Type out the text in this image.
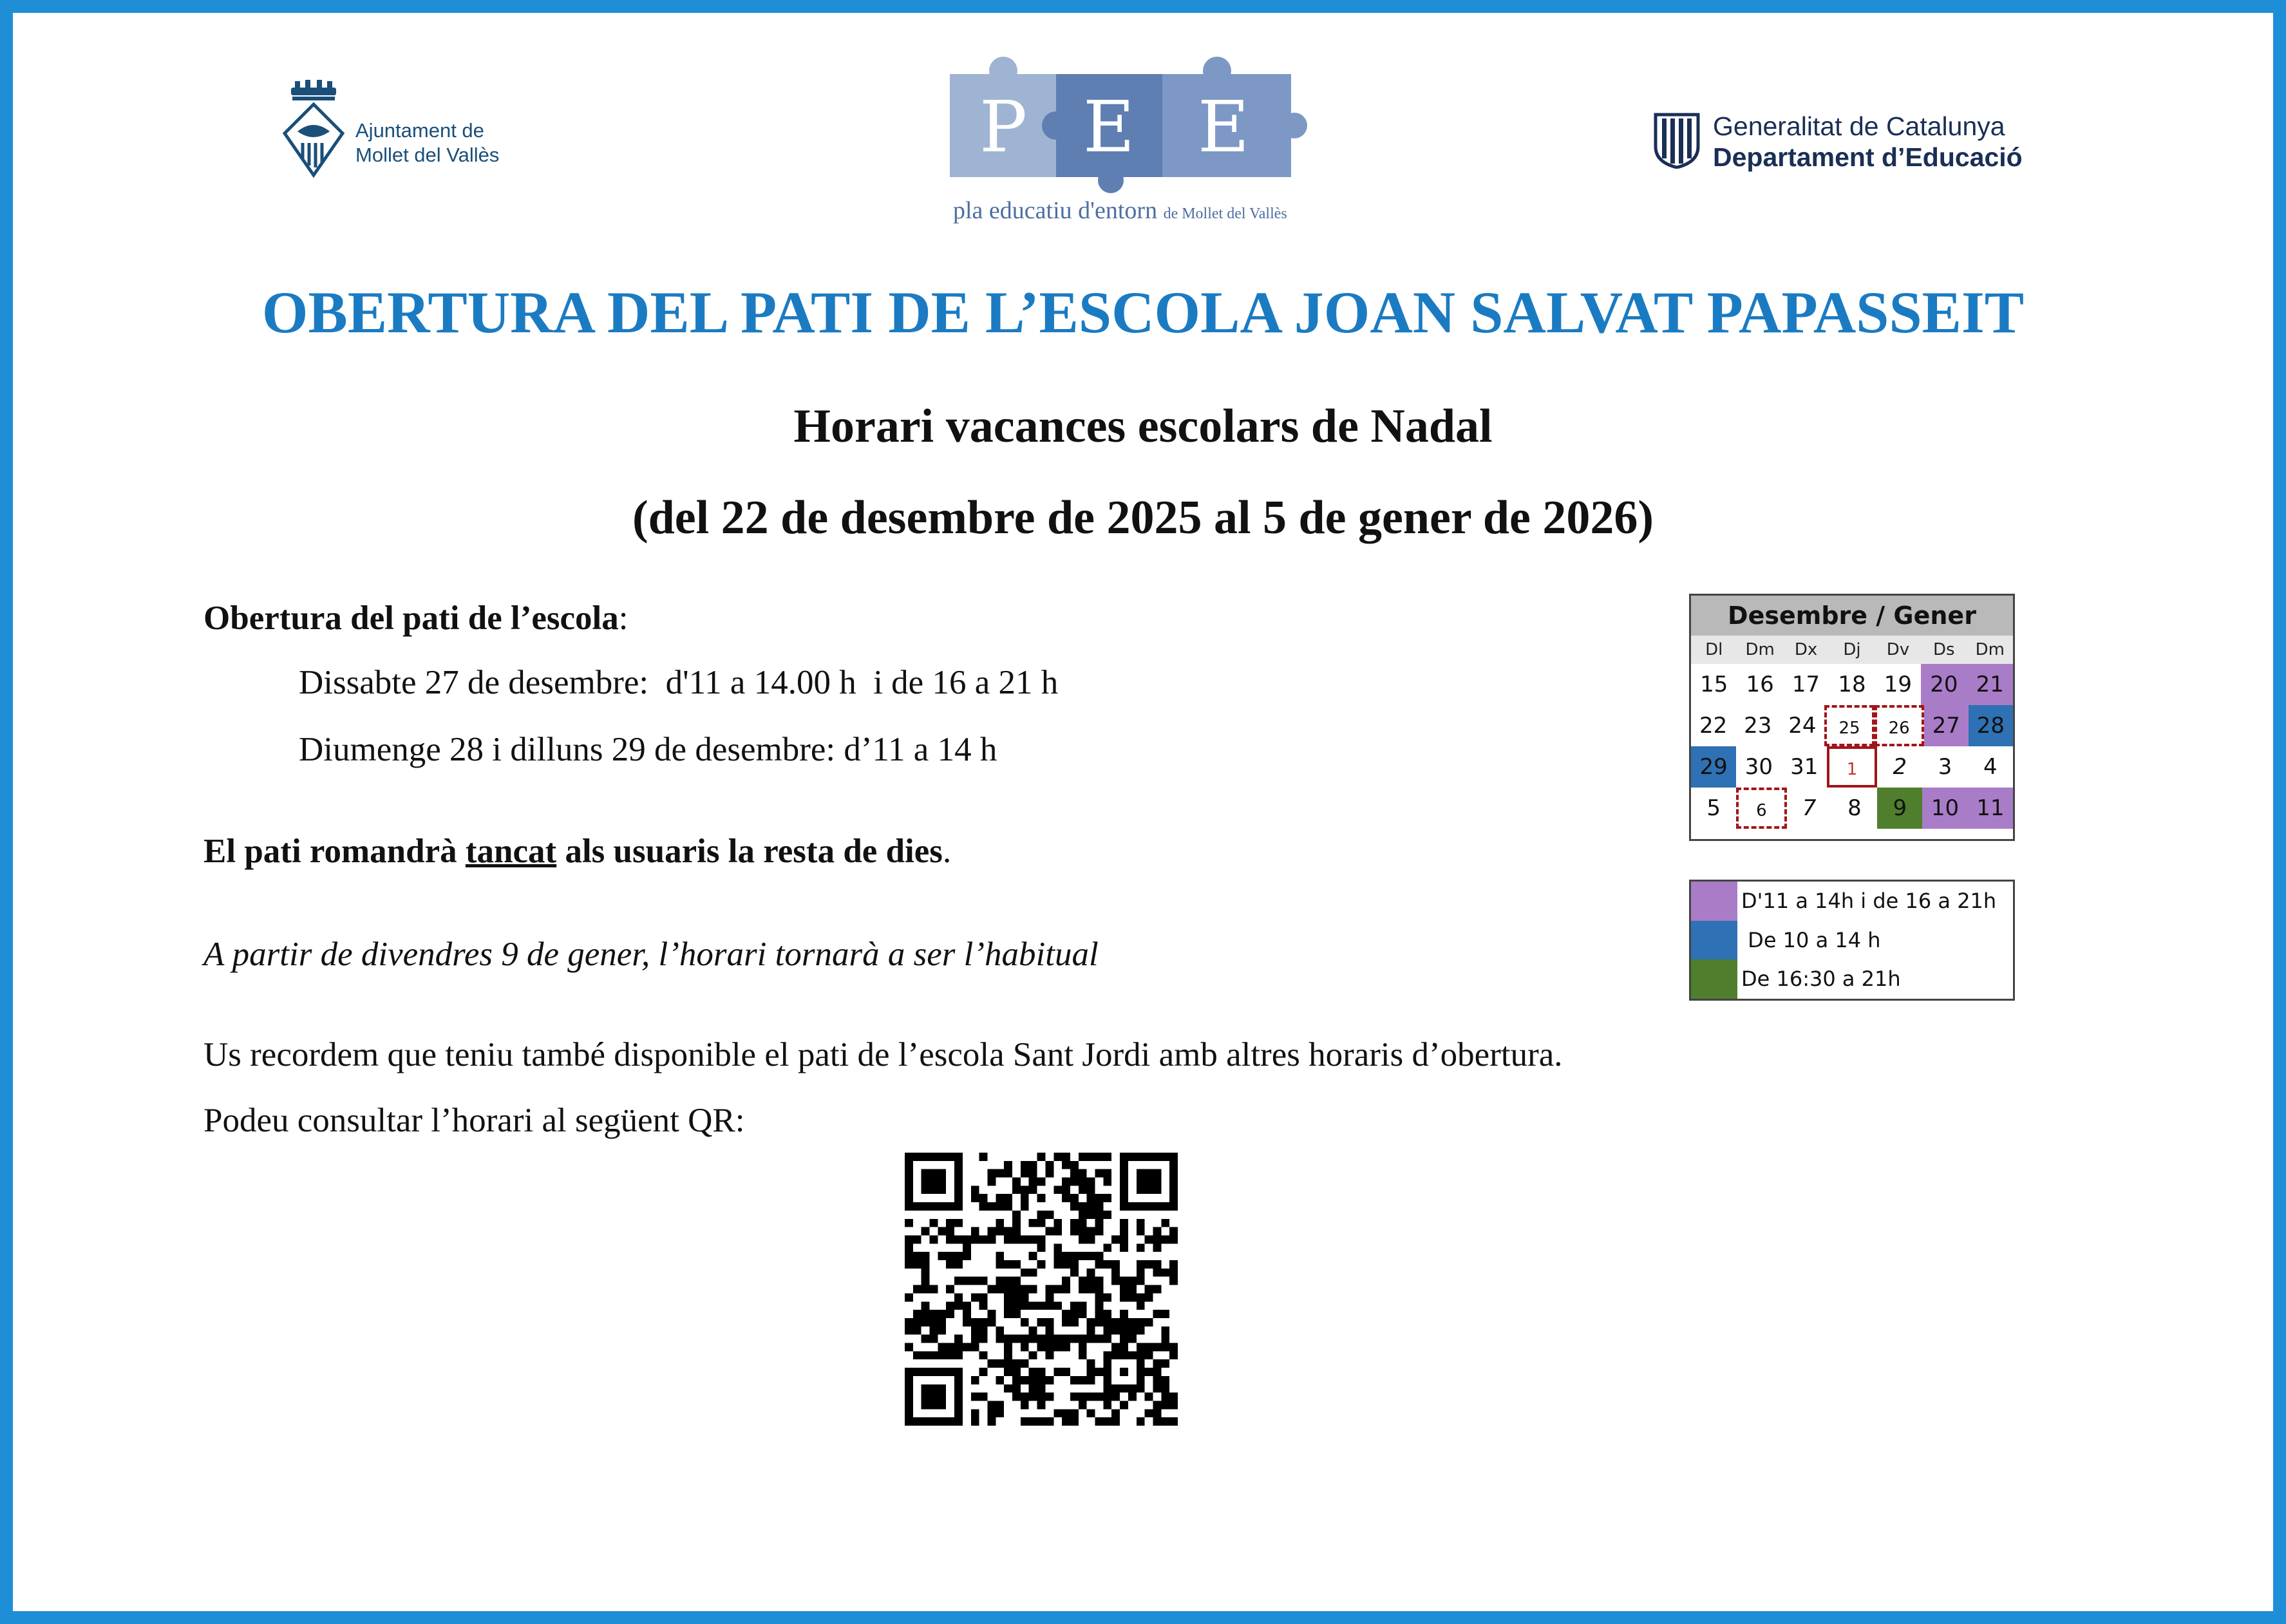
Ajuntament de
Mollet del Vallès	P E E
pla educatiu d'entorn de Mollet del Vallès
Generalitat de Catalunya
Departament d’Educació
OBERTURA DEL PATI DE L’ESCOLA JOAN SALVAT PAPASSEIT
Horari vacances escolars de Nadal
(del 22 de desembre de 2025 al 5 de gener de 2026)
Obertura del pati de l’escola:
Dissabte 27 de desembre:  d'11 a 14.00 h  i de 16 a 21 h
Diumenge 28 i dilluns 29 de desembre: d’11 a 14 h
El pati romandrà tancat als usuaris la resta de dies.
A partir de divendres 9 de gener, l’horari tornarà a ser l’habitual
Us recordem que teniu també disponible el pati de l’escola Sant Jordi amb altres horaris d’obertura.
Podeu consultar l’horari al següent QR:
Desembre / Gener
Dl	Dm	Dx	Dj	Dv	Ds	Dm
15 16 17 18 19 20 21
22 23 24	25	26	27 28
29 30 31	1	2	3	4
5	6	7	8	9	10 11
D'11 a 14h i de 16 a 21h
De 10 a 14 h
De 16:30 a 21h
